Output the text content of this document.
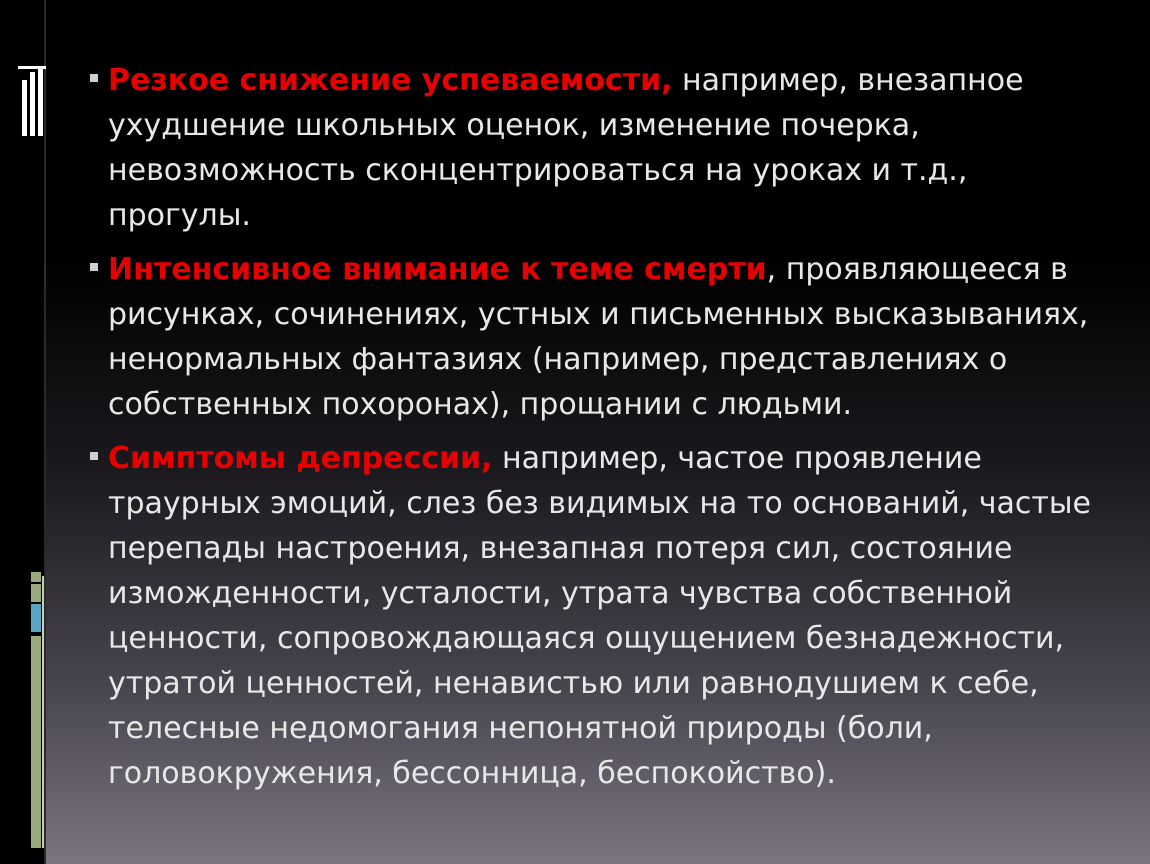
Резкое снижение успеваемости, например, внезапное ухудшение школьных оценок, изменение почерка, невозможность сконцентрироваться на уроках и т.д., прогулы.
Интенсивное внимание к теме смерти, проявляющееся в рисунках, сочинениях, устных и письменных высказываниях, ненормальных фантазиях (например, представлениях о собственных похоронах), прощании с людьми.
Симптомы депрессии, например, частое проявление траурных эмоций, слез без видимых на то оснований, частые перепады настроения, внезапная потеря сил, состояние изможденности, усталости, утрата чувства собственной ценности, сопровождающаяся ощущением безнадежности, утратой ценностей, ненавистью или равнодушием к себе, телесные недомогания непонятной природы (боли, головокружения, бессонница, беспокойство).
